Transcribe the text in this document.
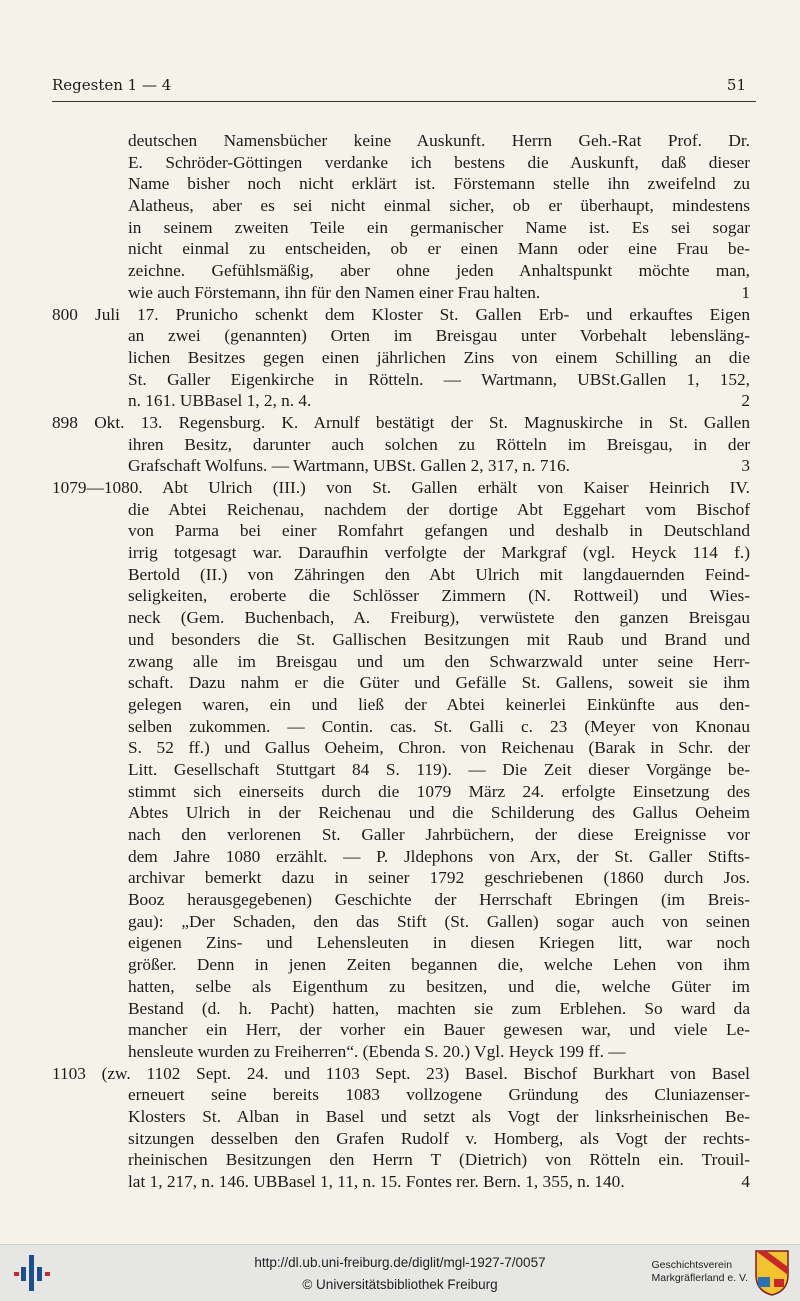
Regesten 1 — 4	51
deutschen Namensbücher keine Auskunft. Herrn Geh.-Rat Prof. Dr.
E. Schröder-Göttingen verdanke ich bestens die Auskunft, daß dieser
Name bisher noch nicht erklärt ist. Förstemann stelle ihn zweifelnd zu
Alatheus, aber es sei nicht einmal sicher, ob er überhaupt, mindestens
in seinem zweiten Teile ein germanischer Name ist. Es sei sogar
nicht einmal zu entscheiden, ob er einen Mann oder eine Frau be-
zeichne. Gefühlsmäßig, aber ohne jeden Anhaltspunkt möchte man,
wie auch Förstemann, ihn für den Namen einer Frau halten.	1
800 Juli 17. Prunicho schenkt dem Kloster St. Gallen Erb- und erkauftes Eigen
an zwei (genannten) Orten im Breisgau unter Vorbehalt lebensläng-
lichen Besitzes gegen einen jährlichen Zins von einem Schilling an die
St. Galler Eigenkirche in Rötteln. — Wartmann, UBSt.Gallen 1, 152,
n. 161. UBBasel 1, 2, n. 4.	2
898 Okt. 13. Regensburg. K. Arnulf bestätigt der St. Magnuskirche in St. Gallen
ihren Besitz, darunter auch solchen zu Rötteln im Breisgau, in der
Grafschaft Wolfuns. — Wartmann, UBSt. Gallen 2, 317, n. 716.	3
1079—1080. Abt Ulrich (III.) von St. Gallen erhält von Kaiser Heinrich IV.
die Abtei Reichenau, nachdem der dortige Abt Eggehart vom Bischof
von Parma bei einer Romfahrt gefangen und deshalb in Deutschland
irrig totgesagt war. Daraufhin verfolgte der Markgraf (vgl. Heyck 114 f.)
Bertold (II.) von Zähringen den Abt Ulrich mit langdauernden Feind-
seligkeiten, eroberte die Schlösser Zimmern (N. Rottweil) und Wies-
neck (Gem. Buchenbach, A. Freiburg), verwüstete den ganzen Breisgau
und besonders die St. Gallischen Besitzungen mit Raub und Brand und
zwang alle im Breisgau und um den Schwarzwald unter seine Herr-
schaft. Dazu nahm er die Güter und Gefälle St. Gallens, soweit sie ihm
gelegen waren, ein und ließ der Abtei keinerlei Einkünfte aus den-
selben zukommen. — Contin. cas. St. Galli c. 23 (Meyer von Knonau
S. 52 ff.) und Gallus Oeheim, Chron. von Reichenau (Barak in Schr. der
Litt. Gesellschaft Stuttgart 84 S. 119). — Die Zeit dieser Vorgänge be-
stimmt sich einerseits durch die 1079 März 24. erfolgte Einsetzung des
Abtes Ulrich in der Reichenau und die Schilderung des Gallus Oeheim
nach den verlorenen St. Galler Jahrbüchern, der diese Ereignisse vor
dem Jahre 1080 erzählt. — P. Jldephons von Arx, der St. Galler Stifts-
archivar bemerkt dazu in seiner 1792 geschriebenen (1860 durch Jos.
Booz herausgegebenen) Geschichte der Herrschaft Ebringen (im Breis-
gau): „Der Schaden, den das Stift (St. Gallen) sogar auch von seinen
eigenen Zins- und Lehensleuten in diesen Kriegen litt, war noch
größer. Denn in jenen Zeiten begannen die, welche Lehen von ihm
hatten, selbe als Eigenthum zu besitzen, und die, welche Güter im
Bestand (d. h. Pacht) hatten, machten sie zum Erblehen. So ward da
mancher ein Herr, der vorher ein Bauer gewesen war, und viele Le-
hensleute wurden zu Freiherren“. (Ebenda S. 20.) Vgl. Heyck 199 ff. —
1103 (zw. 1102 Sept. 24. und 1103 Sept. 23) Basel. Bischof Burkhart von Basel
erneuert seine bereits 1083 vollzogene Gründung des Cluniazenser-
Klosters St. Alban in Basel und setzt als Vogt der linksrheinischen Be-
sitzungen desselben den Grafen Rudolf v. Homberg, als Vogt der rechts-
rheinischen Besitzungen den Herrn T (Dietrich) von Rötteln ein. Trouil-
lat 1, 217, n. 146. UBBasel 1, 11, n. 15. Fontes rer. Bern. 1, 355, n. 140.	4
http://dl.ub.uni-freiburg.de/diglit/mgl-1927-7/0057
© Universitätsbibliothek Freiburg
Geschichtsverein
Markgräflerland e. V.
